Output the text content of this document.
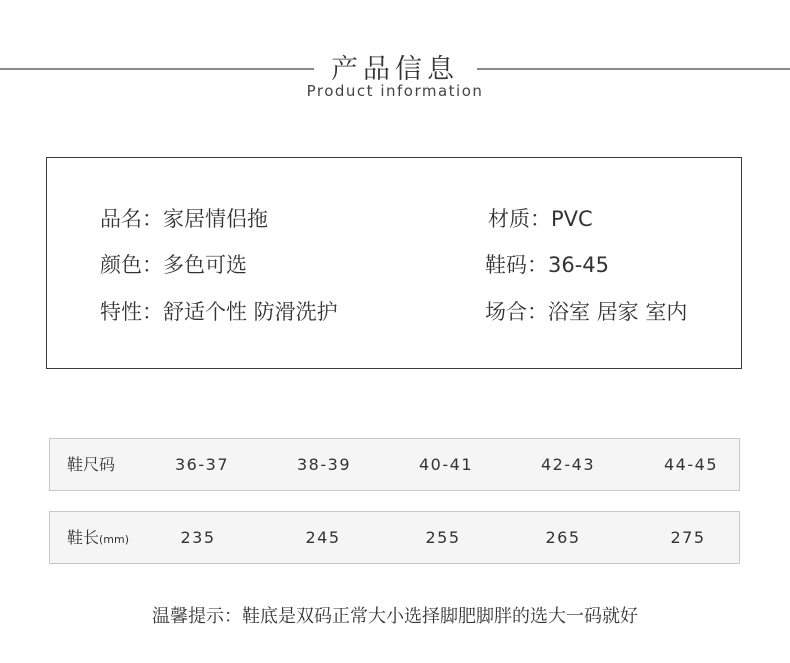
产品信息
Product information
品名：家居情侣拖	材质：PVC
颜色：多色可选	鞋码：36-45
特性：舒适个性 防滑洗护	场合：浴室 居家 室内
鞋尺码	36-37	38-39	40-41	42-43	44-45
鞋长(mm)	235	245	255	265	275
温馨提示：鞋底是双码正常大小选择脚肥脚胖的选大一码就好
